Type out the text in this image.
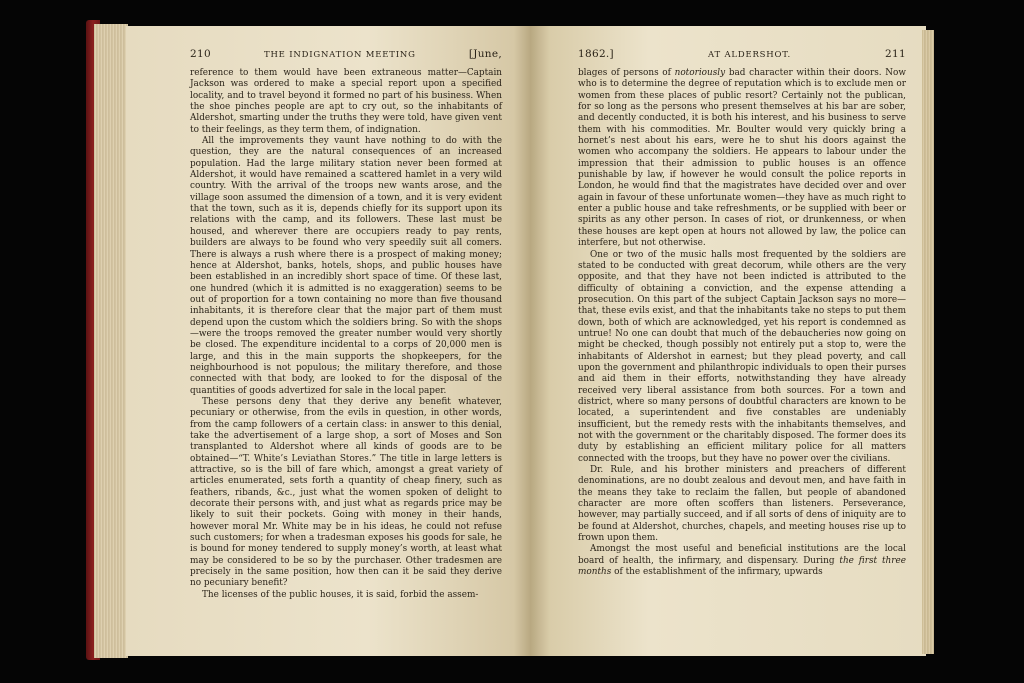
210	THE INDIGNATION MEETING	[June,

reference to them would have been extraneous matter—Captain Jackson was ordered to make a special report upon a specified locality, and to travel beyond it formed no part of his business. When the shoe pinches people are apt to cry out, so the inhabitants of Aldershot, smarting under the truths they were told, have given vent to their feelings, as they term them, of indignation.

All the improvements they vaunt have nothing to do with the question, they are the natural consequences of an increased population. Had the large military station never been formed at Aldershot, it would have remained a scattered hamlet in a very wild country. With the arrival of the troops new wants arose, and the village soon assumed the dimension of a town, and it is very evident that the town, such as it is, depends chiefly for its support upon its relations with the camp, and its followers. These last must be housed, and wherever there are occupiers ready to pay rents, builders are always to be found who very speedily suit all comers. There is always a rush where there is a prospect of making money; hence at Aldershot, banks, hotels, shops, and public houses have been established in an incredibly short space of time. Of these last, one hundred (which it is admitted is no exaggeration) seems to be out of proportion for a town containing no more than five thousand inhabitants, it is therefore clear that the major part of them must depend upon the custom which the soldiers bring. So with the shops—were the troops removed the greater number would very shortly be closed. The expenditure incidental to a corps of 20,000 men is large, and this in the main supports the shopkeepers, for the neighbourhood is not populous; the military therefore, and those connected with that body, are looked to for the disposal of the quantities of goods advertized for sale in the local paper.

These persons deny that they derive any benefit whatever, pecuniary or otherwise, from the evils in question, in other words, from the camp followers of a certain class: in answer to this denial, take the advertisement of a large shop, a sort of Moses and Son transplanted to Aldershot where all kinds of goods are to be obtained—“T. White’s Leviathan Stores.” The title in large letters is attractive, so is the bill of fare which, amongst a great variety of articles enumerated, sets forth a quantity of cheap finery, such as feathers, ribands, &c., just what the women spoken of delight to decorate their persons with, and just what as regards price may be likely to suit their pockets. Going with money in their hands, however moral Mr. White may be in his ideas, he could not refuse such customers; for when a tradesman exposes his goods for sale, he is bound for money tendered to supply money’s worth, at least what may be considered to be so by the purchaser. Other tradesmen are precisely in the same position, how then can it be said they derive no pecuniary benefit?

The licenses of the public houses, it is said, forbid the assem-

1862.]	AT ALDERSHOT.	211

blages of persons of notoriously bad character within their doors. Now who is to determine the degree of reputation which is to exclude men or women from these places of public resort? Certainly not the publican, for so long as the persons who present themselves at his bar are sober, and decently conducted, it is both his interest, and his business to serve them with his commodities. Mr. Boulter would very quickly bring a hornet’s nest about his ears, were he to shut his doors against the women who accompany the soldiers. He appears to labour under the impression that their admission to public houses is an offence punishable by law, if however he would consult the police reports in London, he would find that the magistrates have decided over and over again in favour of these unfortunate women—they have as much right to enter a public house and take refreshments, or be supplied with beer or spirits as any other person. In cases of riot, or drunkenness, or when these houses are kept open at hours not allowed by law, the police can interfere, but not otherwise.

One or two of the music halls most frequented by the soldiers are stated to be conducted with great decorum, while others are the very opposite, and that they have not been indicted is attributed to the difficulty of obtaining a conviction, and the expense attending a prosecution. On this part of the subject Captain Jackson says no more—that, these evils exist, and that the inhabitants take no steps to put them down, both of which are acknowledged, yet his report is condemned as untrue! No one can doubt that much of the debaucheries now going on might be checked, though possibly not entirely put a stop to, were the inhabitants of Aldershot in earnest; but they plead poverty, and call upon the government and philanthropic individuals to open their purses and aid them in their efforts, notwithstanding they have already received very liberal assistance from both sources. For a town and district, where so many persons of doubtful characters are known to be located, a superintendent and five constables are undeniably insufficient, but the remedy rests with the inhabitants themselves, and not with the government or the charitably disposed. The former does its duty by establishing an efficient military police for all matters connected with the troops, but they have no power over the civilians.

Dr. Rule, and his brother ministers and preachers of different denominations, are no doubt zealous and devout men, and have faith in the means they take to reclaim the fallen, but people of abandoned character are more often scoffers than listeners. Perseverance, however, may partially succeed, and if all sorts of dens of iniquity are to be found at Aldershot, churches, chapels, and meeting houses rise up to frown upon them.

Amongst the most useful and beneficial institutions are the local board of health, the infirmary, and dispensary. During the first three months of the establishment of the infirmary, upwards
